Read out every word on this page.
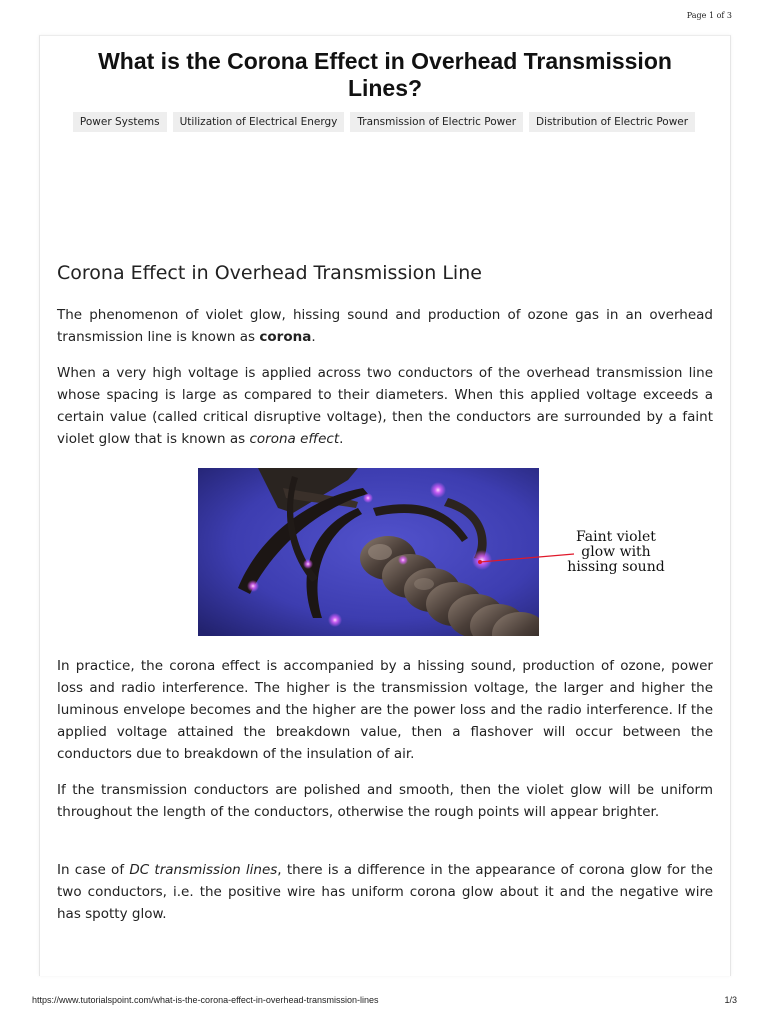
Page 1 of 3
What is the Corona Effect in Overhead Transmission Lines?
Power Systems	Utilization of Electrical Energy	Transmission of Electric Power	Distribution of Electric Power
Corona Effect in Overhead Transmission Line

The phenomenon of violet glow, hissing sound and production of ozone gas in an overhead transmission line is known as corona.

When a very high voltage is applied across two conductors of the overhead transmission line whose spacing is large as compared to their diameters. When this applied voltage exceeds a certain value (called critical disruptive voltage), then the conductors are surrounded by a faint violet glow that is known as corona effect.

Faint violet
glow with
hissing sound

In practice, the corona effect is accompanied by a hissing sound, production of ozone, power loss and radio interference. The higher is the transmission voltage, the larger and higher the luminous envelope becomes and the higher are the power loss and the radio interference. If the applied voltage attained the breakdown value, then a flashover will occur between the conductors due to breakdown of the insulation of air.

If the transmission conductors are polished and smooth, then the violet glow will be uniform throughout the length of the conductors, otherwise the rough points will appear brighter.

In case of DC transmission lines, there is a difference in the appearance of corona glow for the two conductors, i.e. the positive wire has uniform corona glow about it and the negative wire has spotty glow.

https://www.tutorialspoint.com/what-is-the-corona-effect-in-overhead-transmission-lines	1/3
